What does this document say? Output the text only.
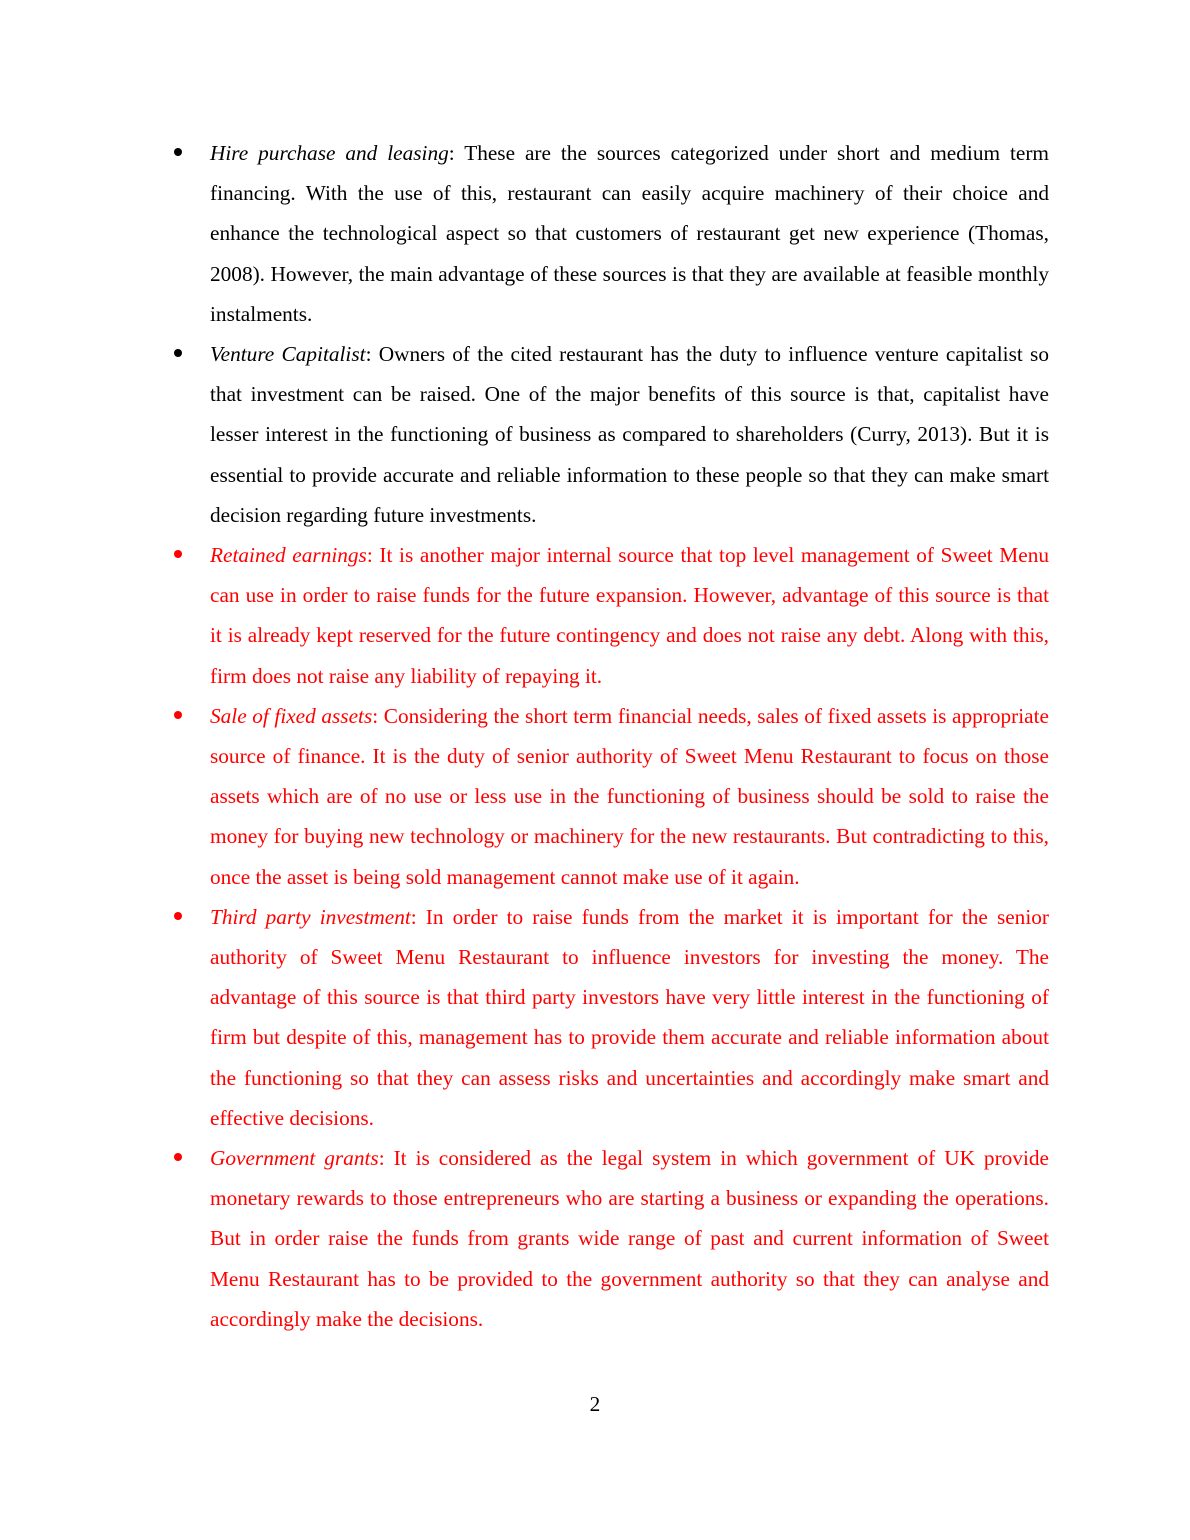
Hire purchase and leasing: These are the sources categorized under short and medium term financing. With the use of this, restaurant can easily acquire machinery of their choice and enhance the technological aspect so that customers of restaurant get new experience (Thomas, 2008). However, the main advantage of these sources is that they are available at feasible monthly instalments.
Venture Capitalist: Owners of the cited restaurant has the duty to influence venture capitalist so that investment can be raised. One of the major benefits of this source is that, capitalist have lesser interest in the functioning of business as compared to shareholders (Curry, 2013). But it is essential to provide accurate and reliable information to these people so that they can make smart decision regarding future investments.
Retained earnings: It is another major internal source that top level management of Sweet Menu can use in order to raise funds for the future expansion. However, advantage of this source is that it is already kept reserved for the future contingency and does not raise any debt. Along with this, firm does not raise any liability of repaying it.
Sale of fixed assets: Considering the short term financial needs, sales of fixed assets is appropriate source of finance. It is the duty of senior authority of Sweet Menu Restaurant to focus on those assets which are of no use or less use in the functioning of business should be sold to raise the money for buying new technology or machinery for the new restaurants. But contradicting to this, once the asset is being sold management cannot make use of it again.
Third party investment: In order to raise funds from the market it is important for the senior authority of Sweet Menu Restaurant to influence investors for investing the money. The advantage of this source is that third party investors have very little interest in the functioning of firm but despite of this, management has to provide them accurate and reliable information about the functioning so that they can assess risks and uncertainties and accordingly make smart and effective decisions.
Government grants: It is considered as the legal system in which government of UK provide monetary rewards to those entrepreneurs who are starting a business or expanding the operations. But in order raise the funds from grants wide range of past and current information of Sweet Menu Restaurant has to be provided to the government authority so that they can analyse and accordingly make the decisions.
2
